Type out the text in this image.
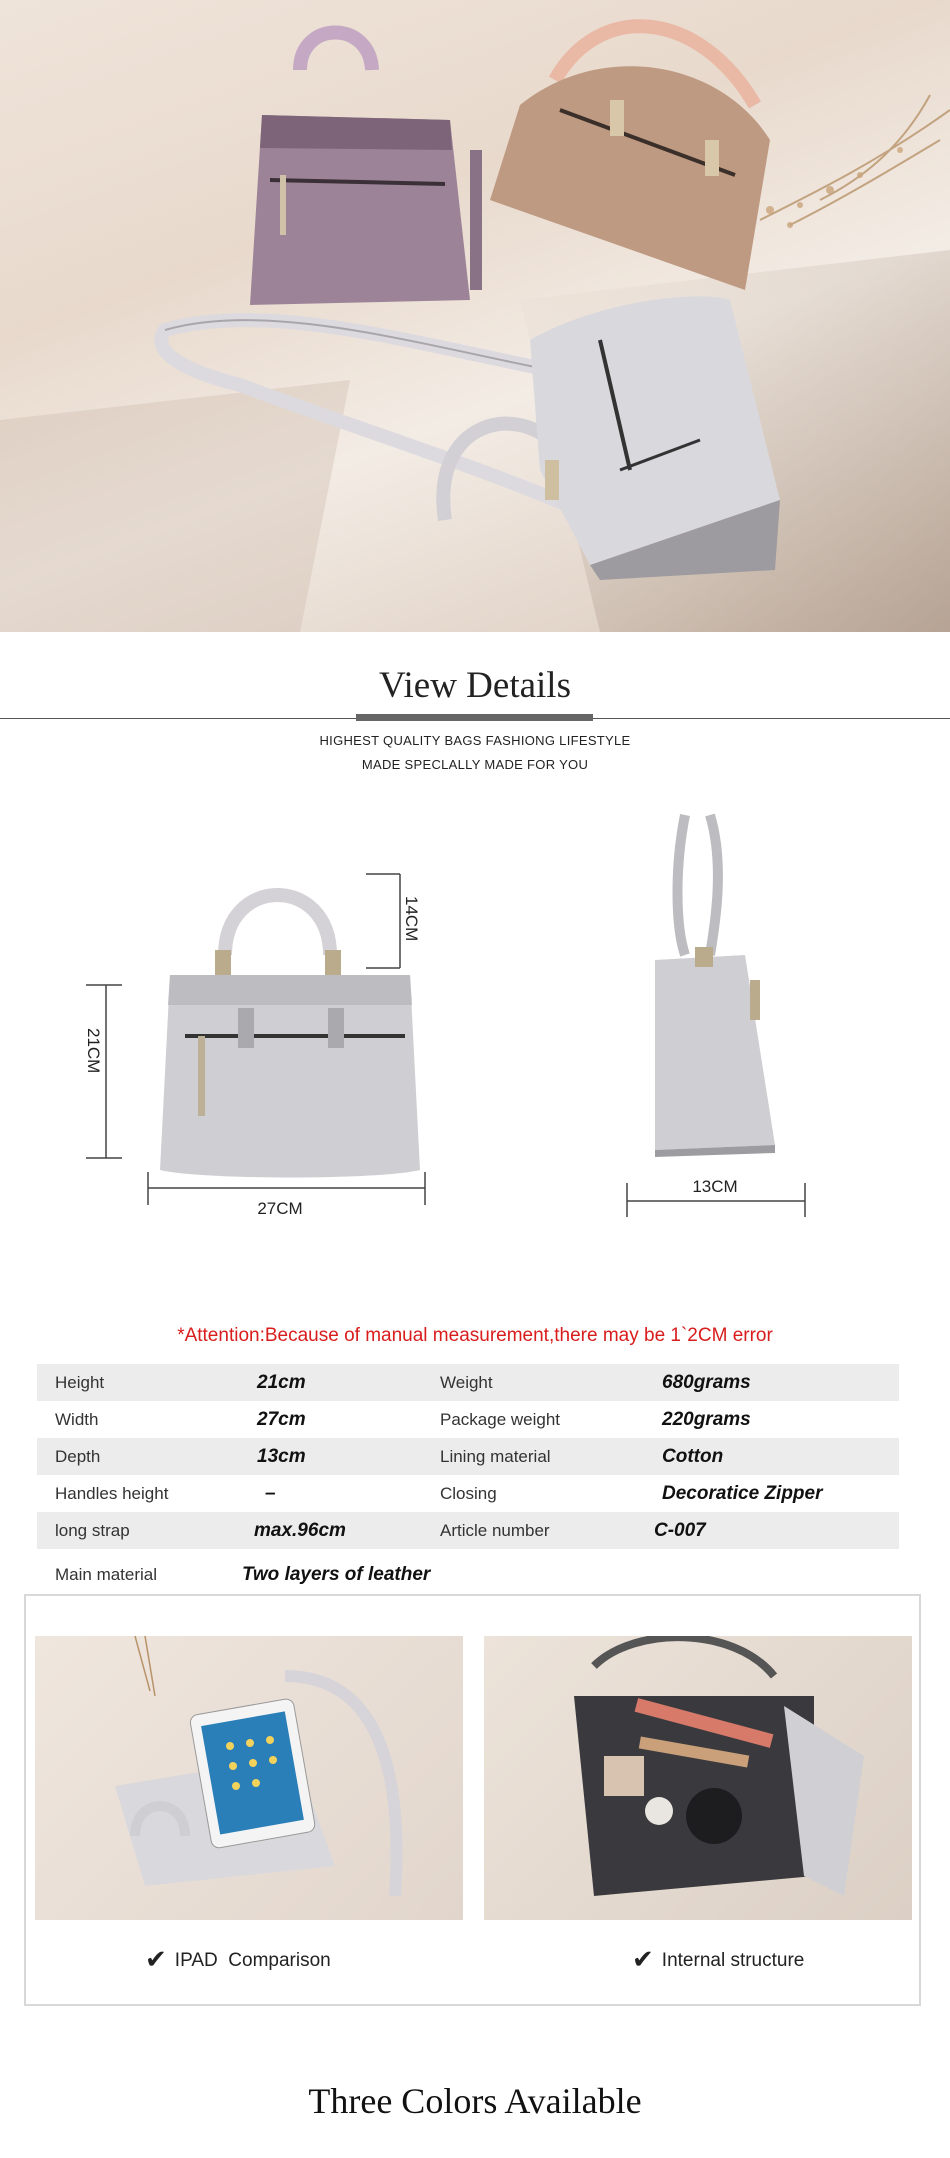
View Details
HIGHEST QUALITY BAGS FASHIONG LIFESTYLE
MADE SPECLALLY MADE FOR YOU
14CM
21CM
27CM
13CM
*Attention:Because of manual measurement,there may be 1`2CM error
Height	21cm	Weight	680grams
Width	27cm	Package weight	220grams
Depth	13cm	Lining material	Cotton
Handles height	–	Closing	Decoratice Zipper
long strap	max.96cm	Article number	C-007
Main material	Two layers of leather
✔ IPAD  Comparison	✔ Internal structure
Three Colors Available
